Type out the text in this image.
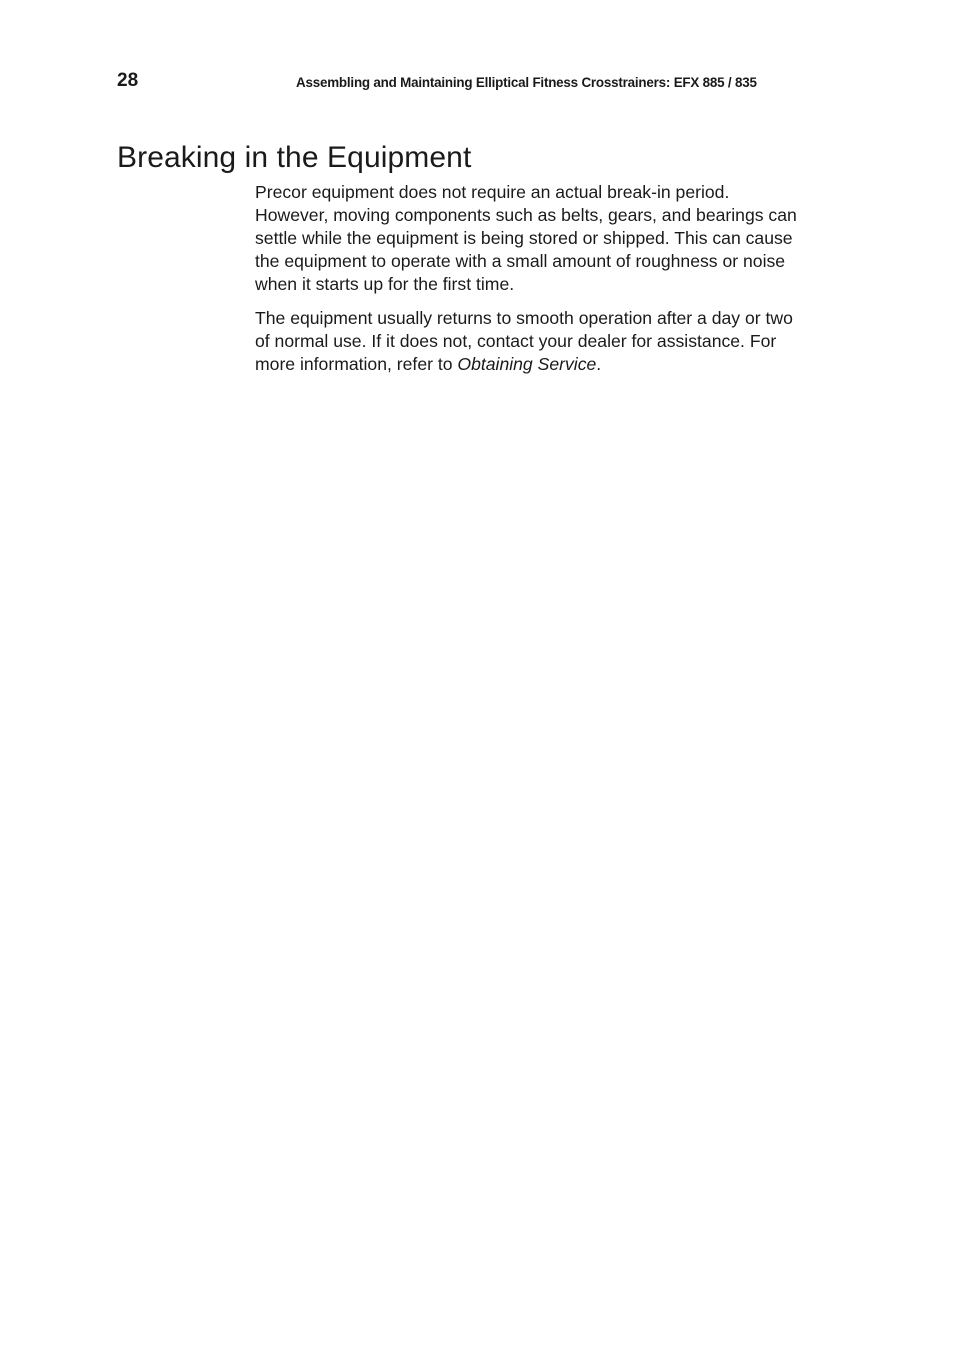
28	Assembling and Maintaining Elliptical Fitness Crosstrainers: EFX 885 / 835
Breaking in the Equipment

Precor equipment does not require an actual break-in period. However, moving components such as belts, gears, and bearings can settle while the equipment is being stored or shipped. This can cause the equipment to operate with a small amount of roughness or noise when it starts up for the first time.

The equipment usually returns to smooth operation after a day or two of normal use. If it does not, contact your dealer for assistance. For more information, refer to Obtaining Service.
